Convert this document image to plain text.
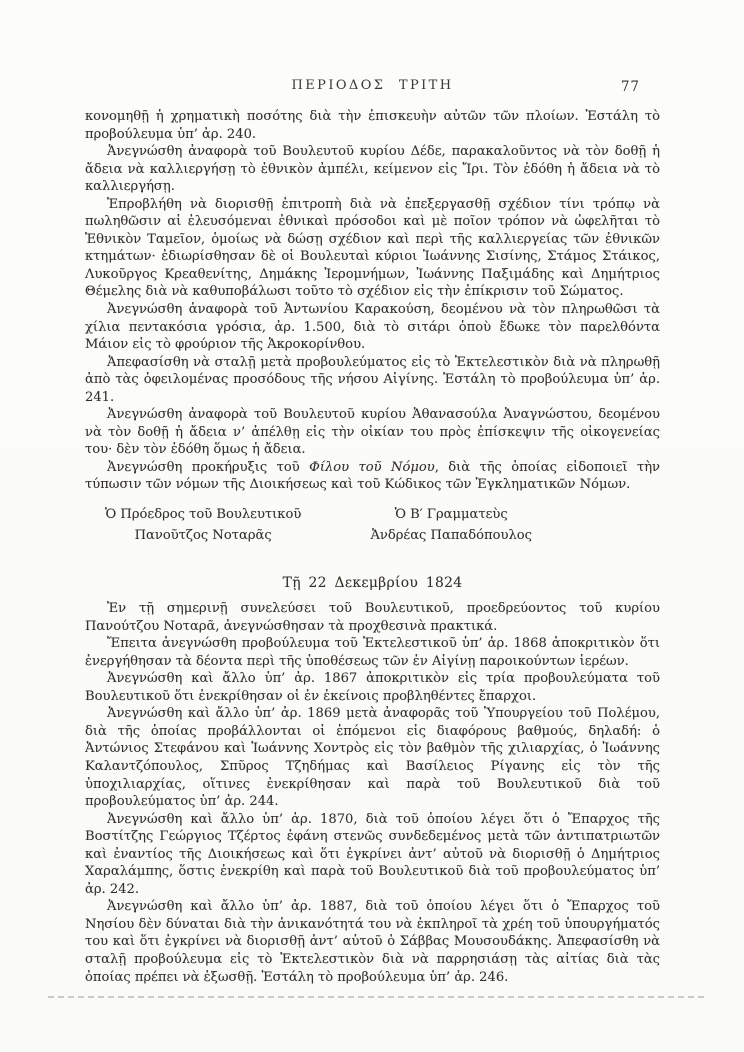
ΠΕΡΙΟΔΟΣ ΤΡΙΤΗ	77

κονομηθῇ ἡ χρηματικὴ ποσότης διὰ τὴν ἐπισκευὴν αὐτῶν τῶν πλοίων. Ἐστάλη τὸ προβούλευμα ὑπ’ ἀρ. 240.

Ἀνεγνώσθη ἀναφορὰ τοῦ Βουλευτοῦ κυρίου Δέδε, παρακαλοῦντος νὰ τὸν δοθῇ ἡ ἄδεια νὰ καλλιεργήσῃ τὸ ἐθνικὸν ἀμπέλι, κείμενον εἰς Ἴρι. Τὸν ἐδόθη ἡ ἄδεια νὰ τὸ καλλιεργήσῃ.

Ἐπροβλήθη νὰ διορισθῇ ἐπιτροπὴ διὰ νὰ ἐπεξεργασθῇ σχέδιον τίνι τρόπῳ νὰ πωληθῶσιν αἱ ἐλευσόμεναι ἐθνικαὶ πρόσοδοι καὶ μὲ ποῖον τρόπον νὰ ὠφελῆται τὸ Ἐθνικὸν Ταμεῖον, ὁμοίως νὰ δώσῃ σχέδιον καὶ περὶ τῆς καλλιεργείας τῶν ἐθνικῶν κτημάτων· ἐδιωρίσθησαν δὲ οἱ Βουλευταὶ κύριοι Ἰωάννης Σισίνης, Στάμος Στάικος, Λυκοῦργος Κρεαθενίτης, Δημάκης Ἱερομνήμων, Ἰωάννης Παξιμάδης καὶ Δημήτριος Θέμελης διὰ νὰ καθυποβάλωσι τοῦτο τὸ σχέδιον εἰς τὴν ἐπίκρισιν τοῦ Σώματος.

Ἀνεγνώσθη ἀναφορὰ τοῦ Ἀντωνίου Καρακούση, δεομένου νὰ τὸν πληρωθῶσι τὰ χίλια πεντακόσια γρόσια, ἀρ. 1.500, διὰ τὸ σιτάρι ὁποὺ ἔδωκε τὸν παρελθόντα Μάιον εἰς τὸ φρούριον τῆς Ἀκροκορίνθου.

Ἀπεφασίσθη νὰ σταλῇ μετὰ προβουλεύματος εἰς τὸ Ἐκτελεστικὸν διὰ νὰ πληρωθῇ ἀπὸ τὰς ὀφειλομένας προσόδους τῆς νήσου Αἰγίνης. Ἐστάλη τὸ προβούλευμα ὑπ’ ἀρ. 241.

Ἀνεγνώσθη ἀναφορὰ τοῦ Βουλευτοῦ κυρίου Ἀθανασούλα Ἀναγνώστου, δεομένου νὰ τὸν δοθῇ ἡ ἄδεια ν’ ἀπέλθῃ εἰς τὴν οἰκίαν του πρὸς ἐπίσκεψιν τῆς οἰκογενείας του· δὲν τὸν ἐδόθη ὅμως ἡ ἄδεια.

Ἀνεγνώσθη προκήρυξις τοῦ Φίλου τοῦ Νόμου, διὰ τῆς ὁποίας εἰδοποιεῖ τὴν τύπωσιν τῶν νόμων τῆς Διοικήσεως καὶ τοῦ Κώδικος τῶν Ἐγκληματικῶν Νόμων.

Ὁ Πρόεδρος τοῦ Βουλευτικοῦ
Πανοῦτζος Νοταρᾶς
Ὁ Β′ Γραμματεὺς
Ἀνδρέας Παπαδόπουλος
Τῇ 22 Δεκεμβρίου 1824

Ἐν τῇ σημερινῇ συνελεύσει τοῦ Βουλευτικοῦ, προεδρεύοντος τοῦ κυρίου Πανούτζου Νοταρᾶ, ἀνεγνώσθησαν τὰ προχθεσινὰ πρακτικά.

Ἔπειτα ἀνεγνώσθη προβούλευμα τοῦ Ἐκτελεστικοῦ ὑπ’ ἀρ. 1868 ἀποκριτικὸν ὅτι ἐνεργήθησαν τὰ δέοντα περὶ τῆς ὑποθέσεως τῶν ἐν Αἰγίνῃ παροικούντων ἱερέων.

Ἀνεγνώσθη καὶ ἄλλο ὑπ’ ἀρ. 1867 ἀποκριτικὸν εἰς τρία προβουλεύματα τοῦ Βουλευτικοῦ ὅτι ἐνεκρίθησαν οἱ ἐν ἐκείνοις προβληθέντες ἔπαρχοι.

Ἀνεγνώσθη καὶ ἄλλο ὑπ’ ἀρ. 1869 μετὰ ἀναφορᾶς τοῦ Ὑπουργείου τοῦ Πολέμου, διὰ τῆς ὁποίας προβάλλονται οἱ ἑπόμενοι εἰς διαφόρους βαθμούς, δηλαδή: ὁ Ἀντώνιος Στεφάνου καὶ Ἰωάννης Χοντρὸς εἰς τὸν βαθμὸν τῆς χιλιαρχίας, ὁ Ἰωάννης Καλαντζόπουλος, Σπῦρος Τζηδήμας καὶ Βασίλειος Ρίγανης εἰς τὸν τῆς ὑποχιλιαρχίας, οἵτινες ἐνεκρίθησαν καὶ παρὰ τοῦ Βουλευτικοῦ διὰ τοῦ προβουλεύματος ὑπ’ ἀρ. 244.

Ἀνεγνώσθη καὶ ἄλλο ὑπ’ ἀρ. 1870, διὰ τοῦ ὁποίου λέγει ὅτι ὁ Ἔπαρχος τῆς Βοστίτζης Γεώργιος Τζέρτος ἐφάνη στενῶς συνδεδεμένος μετὰ τῶν ἀντιπατριωτῶν καὶ ἐναντίος τῆς Διοικήσεως καὶ ὅτι ἐγκρίνει ἀντ’ αὐτοῦ νὰ διορισθῇ ὁ Δημήτριος Χαραλάμπης, ὅστις ἐνεκρίθη καὶ παρὰ τοῦ Βουλευτικοῦ διὰ τοῦ προβουλεύματος ὑπ’ ἀρ. 242.

Ἀνεγνώσθη καὶ ἄλλο ὑπ’ ἀρ. 1887, διὰ τοῦ ὁποίου λέγει ὅτι ὁ Ἔπαρχος τοῦ Νησίου δὲν δύναται διὰ τὴν ἀνικανότητά του νὰ ἐκπληροῖ τὰ χρέη τοῦ ὑπουργήματός του καὶ ὅτι ἐγκρίνει νὰ διορισθῇ ἀντ’ αὐτοῦ ὁ Σάββας Μουσουδάκης. Ἀπεφασίσθη νὰ σταλῇ προβούλευμα εἰς τὸ Ἐκτελεστικὸν διὰ νὰ παρρησιάσῃ τὰς αἰτίας διὰ τὰς ὁποίας πρέπει νὰ ἐξωσθῇ. Ἐστάλη τὸ προβούλευμα ὑπ’ ἀρ. 246.
